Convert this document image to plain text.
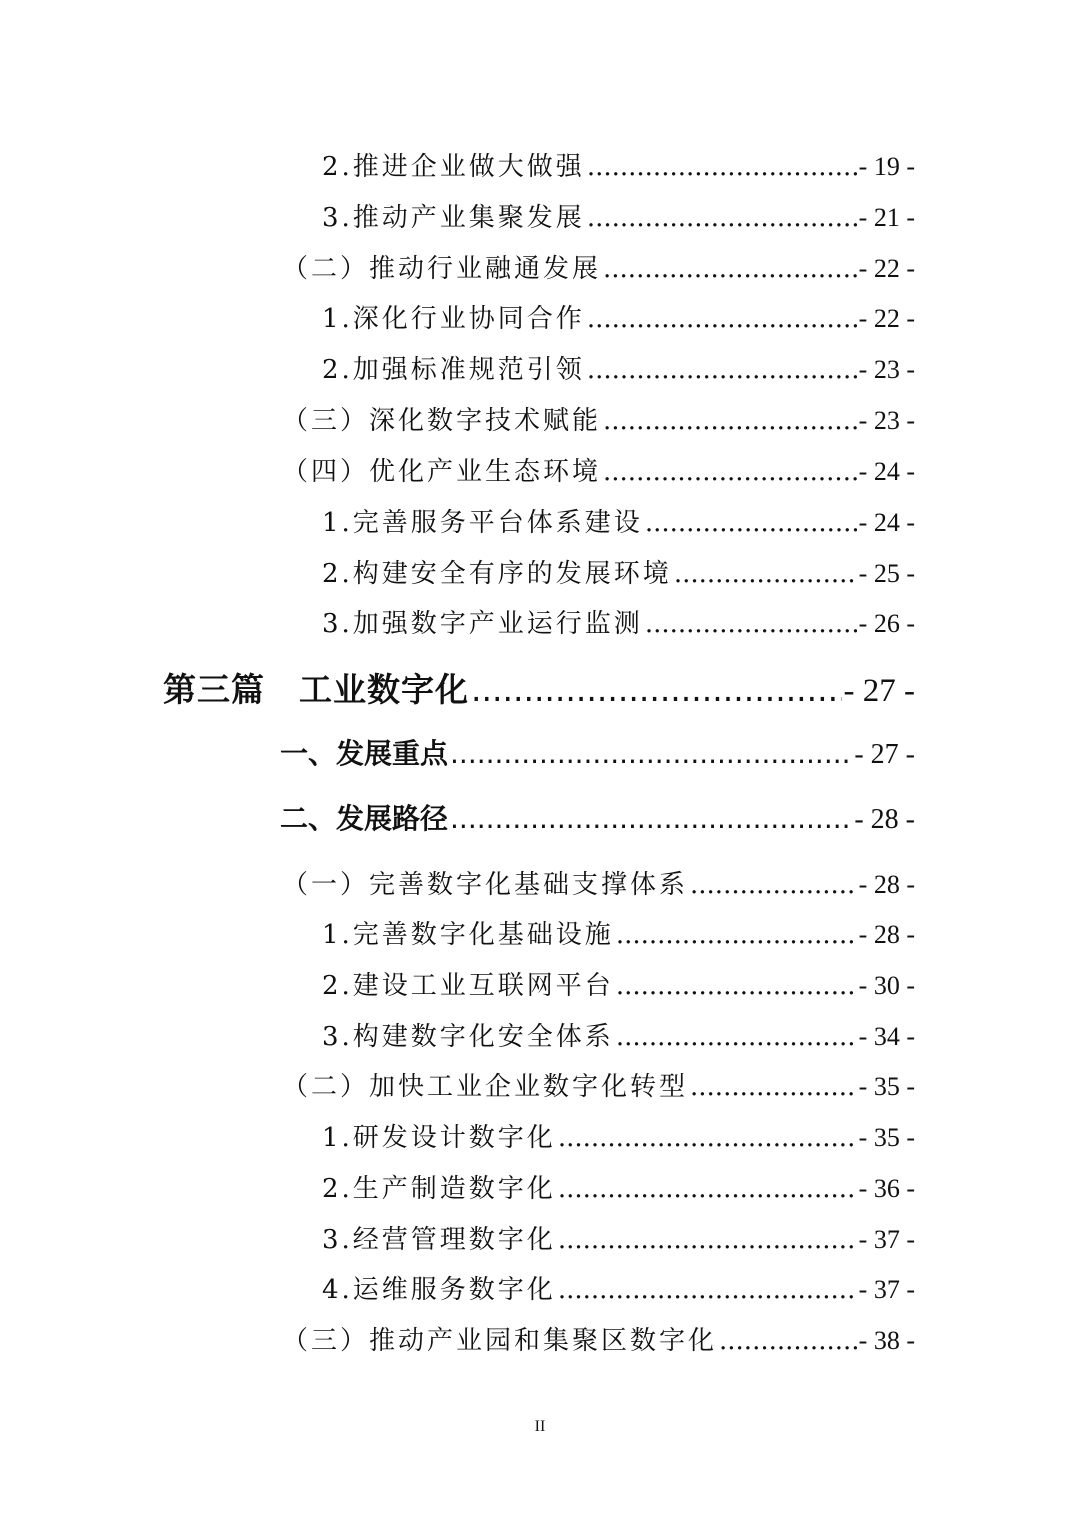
2.推进企业做大做强 .....	- 19 -
3.推动产业集聚发展 .....	- 21 -
（二）推动行业融通发展 .....	- 22 -
1.深化行业协同合作 .....	- 22 -
2.加强标准规范引领 .....	- 23 -
（三）深化数字技术赋能 .....	- 23 -
（四）优化产业生态环境 .....	- 24 -
1.完善服务平台体系建设 .....	- 24 -
2.构建安全有序的发展环境 .....	- 25 -
3.加强数字产业运行监测 .....	- 26 -
第三篇　工业数字化 .....	- 27 -
一、发展重点 .....	- 27 -
二、发展路径 .....	- 28 -
（一）完善数字化基础支撑体系 .....	- 28 -
1.完善数字化基础设施 .....	- 28 -
2.建设工业互联网平台 .....	- 30 -
3.构建数字化安全体系 .....	- 34 -
（二）加快工业企业数字化转型 .....	- 35 -
1.研发设计数字化 .....	- 35 -
2.生产制造数字化 .....	- 36 -
3.经营管理数字化 .....	- 37 -
4.运维服务数字化 .....	- 37 -
（三）推动产业园和集聚区数字化 .....	- 38 -
II
